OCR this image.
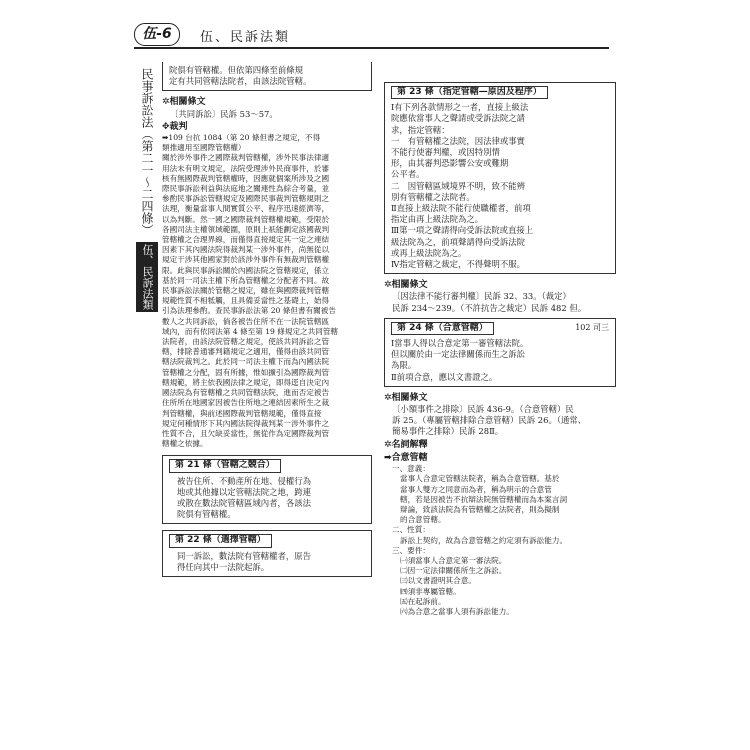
伍-6	伍、民訴法類
民事訴訟法（第二一〜二四條）
伍、民訴法類
院俱有管轄權。但依第四條至前條規
定有共同管轄法院者，由該法院管轄。
✲相關條文
〔共同訴訟〕民訴 53〜57。
✥裁判
➡109 台抗 1084（第 20 條但書之規定，不得
類推適用至國際管轄權）
關於涉外事件之國際裁判管轄權，涉外民事法律適
用法未有明文規定，法院受理涉外民商事件，於審
核有無國際裁判管轄權時，因應就個案所涉及之國
際民事訴訟利益與法庭地之關連性為綜合考量，並
參酌民事訴訟管轄規定及國際民事裁判管轄規則之
法理，衡量當事人間實質公平、程序迅速經濟等，
以為判斷。然一國之國際裁判管轄權規範，受限於
各國司法主權領域範圍，原則上祇能劃定該國裁判
管轄權之合理界線，而僅得直接規定其一定之連結
因素下其內國法院得裁判某一涉外事件，尚無從以
規定干涉其他國家對於該涉外事件有無裁判管轄權
限。此與民事訴訟關於內國法院之管轄規定，係立
基於同一司法主權下所為管轄權之分配者不同。故
民事訴訟法關於管轄之規定，雖在與國際裁判管轄
規範性質不相牴觸，且具備妥當性之基礎上，始得
引為法理參酌。查民事訴訟法第 20 條但書有關被告
數人之共同訴訟，倘各被告住所不在一法院管轄區
域內，而有依同法第 4 條至第 19 條規定之共同管轄
法院者，由該法院管轄之規定，使該共同訴訟之管
轄，排除普通審判籍規定之適用，僅得由該共同管
轄法院裁判之。此於同一司法主權下而為內國法院
管轄權之分配，固有所據，惟如擴引為國際裁判管
轄規範，將主依我國法律之規定，即得逕自決定內
國法院為有管轄權之共同管轄法院，進而否定被告
住所所在地國家因被告住所地之連結因素所生之裁
判管轄權，與前述國際裁判管轄規範，僅得直接
規定何種情形下其內國法院得裁判某一涉外事件之
性質不合，且欠缺妥當性，無從作為定國際裁判管
轄權之依據。
第 21 條（管轄之競合）
被告住所、不動產所在地、侵權行為
地或其他據以定管轄法院之地，跨連
或散在數法院管轄區域內者，各該法
院俱有管轄權。
第 22 條（選擇管轄）
同一訴訟，數法院有管轄權者，原告
得任向其中一法院起訴。
第 23 條（指定管轄—原因及程序）
Ⅰ有下列各款情形之一者，直接上級法
院應依當事人之聲請或受訴法院之請
求，指定管轄：
一　有管轄權之法院，因法律或事實
不能行使審判權，或因特別情
形，由其審判恐影響公安或難期
公平者。
二　因管轄區域境界不明，致不能辨
別有管轄權之法院者。
Ⅱ直接上級法院不能行使職權者，前項
指定由再上級法院為之。
Ⅲ第一項之聲請得向受訴法院或直接上
級法院為之，前項聲請得向受訴法院
或再上級法院為之。
Ⅳ指定管轄之裁定，不得聲明不服。
✲相關條文
〔因法律不能行審判權〕民訴 32、33。（裁定）
民訴 234〜239。（不許抗告之裁定）民訴 482 但。
第 24 條（合意管轄）	102 司三
Ⅰ當事人得以合意定第一審管轄法院。
但以關於由一定法律關係而生之訴訟
為限。
Ⅱ前項合意，應以文書證之。
✲相關條文
〔小額事件之排除〕民訴 436-9。（合意管轄）民
訴 25。（專屬管轄排除合意管轄）民訴 26。（通常、
簡易事件之排除）民訴 28Ⅱ。
✲名詞解釋
➡合意管轄
一、意義：
當事人合意定管轄法院者，稱為合意管轄。基於
當事人雙方之同意而為者，稱為明示的合意管
轄，若是因被告不抗辯法院無管轄權而為本案言詞
辯論，致該法院為有管轄權之法院者，則為擬制
的合意管轄。
二、性質：
訴訟上契約，故為合意管轄之約定須有訴訟能力。
三、要件：
㈠須當事人合意定第一審法院。
㈡因一定法律關係所生之訴訟。
㈢以文書證明其合意。
㈣須非專屬管轄。
㈤在起訴前。
㈥為合意之當事人須有訴訟能力。
